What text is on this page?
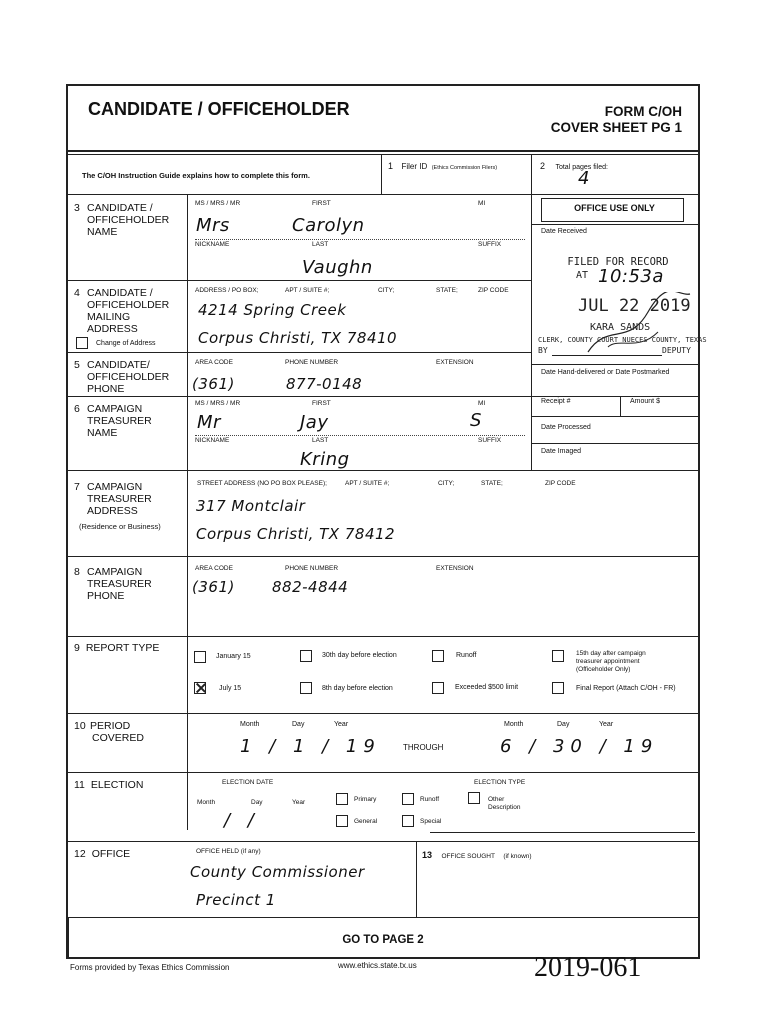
CANDIDATE / OFFICEHOLDER	FORM C/OH
COVER SHEET PG 1
The C/OH Instruction Guide explains how to complete this form.
1 Filer ID (Ethics Commission Filers)	2 Total pages filed:
4
OFFICE USE ONLY
Date Received
FILED FOR RECORD
AT 10:53a
JUL 22 2019
KARA SANDS
CLERK, COUNTY COURT NUECES COUNTY, TEXAS
BY	DEPUTY
Date Hand-delivered or Date Postmarked
3 CANDIDATE /
OFFICEHOLDER
NAME
MS / MRS / MR	FIRST	MI
Mrs	Carolyn
NICKNAME	LAST	SUFFIX
Vaughn
4 CANDIDATE /
OFFICEHOLDER
MAILING
ADDRESS
Change of Address
ADDRESS / PO BOX;	APT / SUITE #;	CITY;	STATE;	ZIP CODE
4214 Spring Creek
Corpus Christi, TX 78410
5 CANDIDATE/
OFFICEHOLDER
PHONE
AREA CODE	PHONE NUMBER	EXTENSION
(361)	877-0148
Receipt #	Amount $
Date Processed
Date Imaged
6 CAMPAIGN
TREASURER
NAME
MS / MRS / MR	FIRST	MI
Mr	Jay	S
NICKNAME	LAST	SUFFIX
Kring
7 CAMPAIGN
TREASURER
ADDRESS
(Residence or Business)
STREET ADDRESS (NO PO BOX PLEASE);	APT / SUITE #;	CITY;	STATE;	ZIP CODE
317 Montclair
Corpus Christi, TX 78412
8 CAMPAIGN
TREASURER
PHONE
AREA CODE	PHONE NUMBER	EXTENSION
(361) 882-4844
9 REPORT TYPE
January 15	30th day before election	Runoff	15th day after campaign
treasurer appointment
(Officeholder Only)
July 15	8th day before election	Exceeded $500 limit	Final Report (Attach C/OH - FR)
10 PERIOD
COVERED
Month	Day	Year
1 / 1 / 19	THROUGH
Month	Day	Year
6 / 30 / 19
11 ELECTION	ELECTION DATE
Month	Day	Year
/ /
ELECTION TYPE
Primary	Runoff	Other
Description
General	Special
12 OFFICE	OFFICE HELD (if any)
County Commissioner
Precinct 1
13 OFFICE SOUGHT (if known)
GO TO PAGE 2
Forms provided by Texas Ethics Commission	www.ethics.state.tx.us	2019-061
